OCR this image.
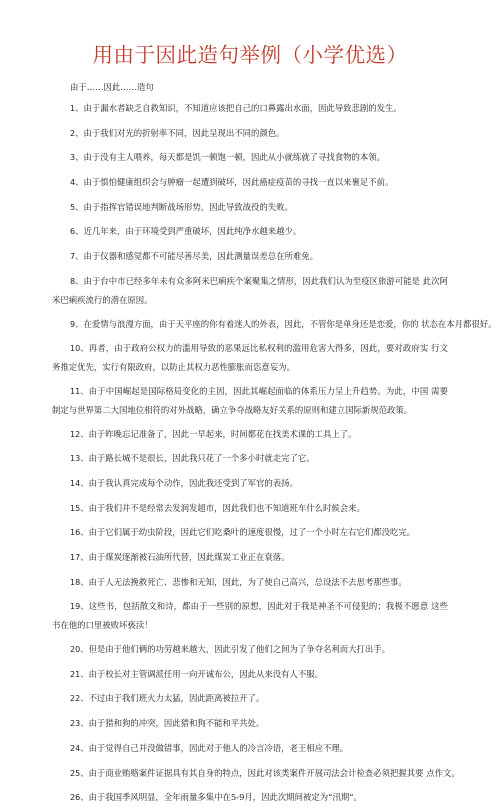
用由于因此造句举例（小学优选）
由于……因此……造句
1、由于漏水者缺乏自救知识，不知道应该把自己的口鼻露出水面，因此导致悲剧的发生。
2、由于我们对光的折射率不同，因此呈现出不同的颜色。
3、由于没有主人喂养，每天都是饥一顿饱一顿，因此从小就练就了寻找食物的本领。
4、由于惧怕健康组织会与肿瘤一起遭到破坏，因此癌症疫苗的寻找一直以来裹足不前。
5、由于指挥官错误地判断战场形势，因此导致战役的失败。
6、近几年来，由于环境受到严重破坏，因此纯净水越来越少。
7、由于仪器和感觉都不可能尽善尽美，因此测量误差总在所难免。
8、由于台中市已经多年未有众多阿米巴痢疾个案聚集之情形，因此我们认为至疫区旅游可能是 此次阿米巴痢疾流行的潜在原因。
9、在爱情与浪漫方面，由于天平座的你有着迷人的外表，因此，不管你是单身还是恋爱，你的 状态在本月都很好。
10、再者，由于政府公权力的滥用导致的恶果远比私权利的滥用危害大得多，因此，要对政府实 行文务推定优先，实行有限政府，以防止其权力恶性膨胀而恣意妄为。
11、由于中国崛起是国际格局变化的主因，因此其崛起面临的体系压力呈上升趋势。为此，中国 需要制定与世界第二大国地位相符的对外战略，确立争夺战略友好关系的原则和建立国际新规范政策。
12、由于昨晚忘记准备了，因此一早起来，时间都花在找美术课的工具上了。
13、由于路长城不是很长，因此我只花了一个多小时就走完了它。
14、由于我认真完成每个动作，因此我还受到了军官的表扬。
15、由于我们并不是经常去发润发超市，因此我们也不知道班车什么时候会来。
16、由于它们属于幼虫阶段，因此它们吃桑叶的速度很慢，过了一个小时左右它们都没吃完。
17、由于煤炭逐渐被石油所代替，因此煤炭工业正在衰落。
18、由于人无法挽救死亡、悲惨和无知，因此，为了使自己高兴，总设法不去思考那些事。
19、这些书，包括散文和诗，都由于一些别的原想，因此对于我是神圣不可侵犯的；我极不愿意 这些书在他的口里被败坏亵渎！
20、但是由于他们俩的功劳越来越大，因此引发了他们之间为了争夺名利而大打出手。
21、由于校长对主管调派任用一向开诚布公，因此从来没有人不服。
22、不过由于我们班火力太猛，因此距离被拉开了。
23、由于猎和狗的冲突，因此猎和狗不能和平共处。
24、由于觉得自己并没做错事，因此对于他人的冷言冷语，老王相应不理。
25、由于商业贿赂案件证据具有其自身的特点，因此对该类案件开展司法会计检查必须把握其要 点作文。
26、由于我国季风明显，全年雨量多集中在5-9月，因此次期间被定为“汛期”。
